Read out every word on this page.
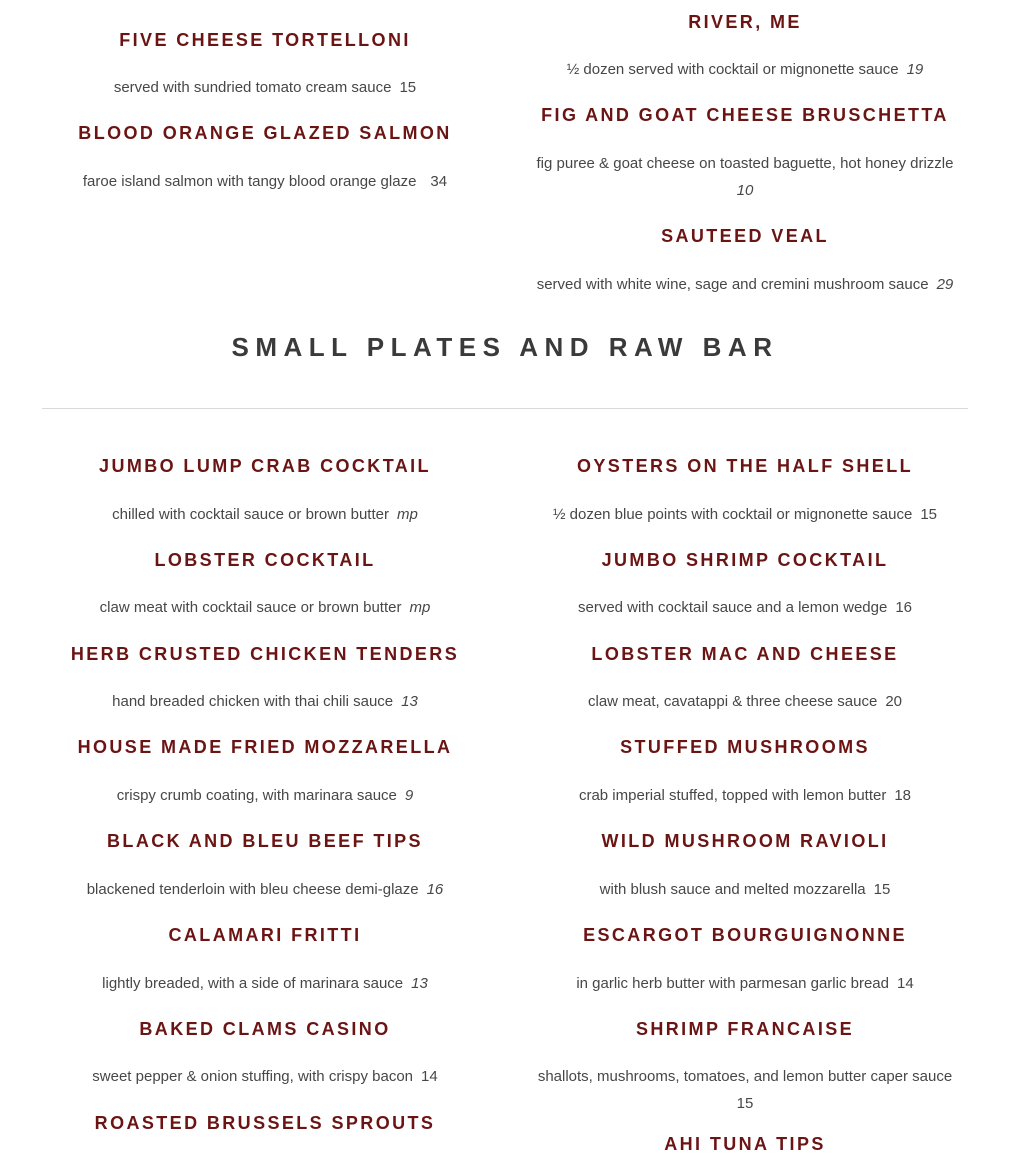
FIVE CHEESE TORTELLONI
served with sundried tomato cream sauce 15
BLOOD ORANGE GLAZED SALMON
faroe island salmon with tangy blood orange glaze 34
RIVER, ME
½ dozen served with cocktail or mignonette sauce 19
FIG AND GOAT CHEESE BRUSCHETTA
fig puree & goat cheese on toasted baguette, hot honey drizzle
10
SAUTEED VEAL
served with white wine, sage and cremini mushroom sauce 29
SMALL PLATES AND RAW BAR
JUMBO LUMP CRAB COCKTAIL
chilled with cocktail sauce or brown butter mp
LOBSTER COCKTAIL
claw meat with cocktail sauce or brown butter mp
HERB CRUSTED CHICKEN TENDERS
hand breaded chicken with thai chili sauce 13
HOUSE MADE FRIED MOZZARELLA
crispy crumb coating, with marinara sauce 9
BLACK AND BLEU BEEF TIPS
blackened tenderloin with bleu cheese demi-glaze 16
CALAMARI FRITTI
lightly breaded, with a side of marinara sauce 13
BAKED CLAMS CASINO
sweet pepper & onion stuffing, with crispy bacon 14
ROASTED BRUSSELS SPROUTS
OYSTERS ON THE HALF SHELL
½ dozen blue points with cocktail or mignonette sauce 15
JUMBO SHRIMP COCKTAIL
served with cocktail sauce and a lemon wedge 16
LOBSTER MAC AND CHEESE
claw meat, cavatappi & three cheese sauce 20
STUFFED MUSHROOMS
crab imperial stuffed, topped with lemon butter 18
WILD MUSHROOM RAVIOLI
with blush sauce and melted mozzarella 15
ESCARGOT BOURGUIGNONNE
in garlic herb butter with parmesan garlic bread 14
SHRIMP FRANCAISE
shallots, mushrooms, tomatoes, and lemon butter caper sauce
15
AHI TUNA TIPS
